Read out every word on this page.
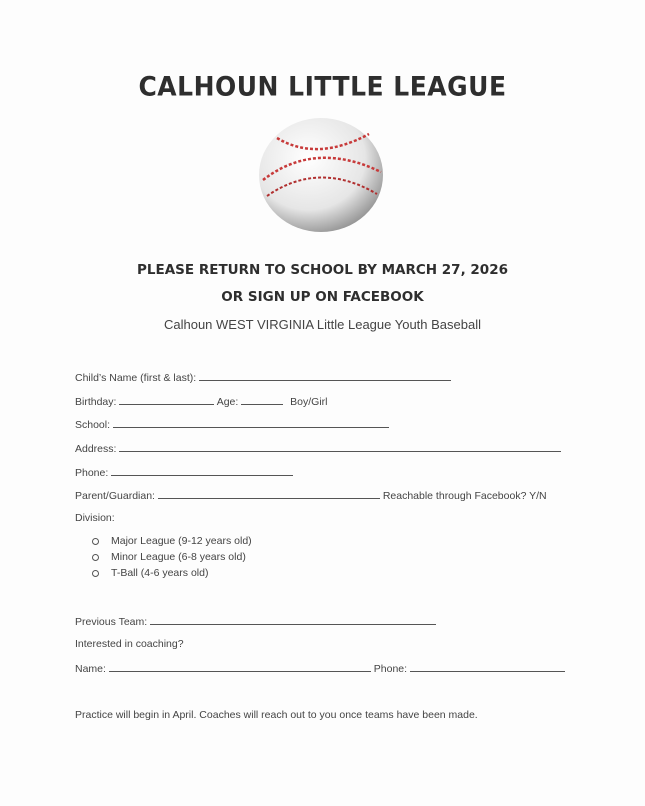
CALHOUN LITTLE LEAGUE
PLEASE RETURN TO SCHOOL BY MARCH 27, 2026
OR SIGN UP ON FACEBOOK
Calhoun WEST VIRGINIA Little League Youth Baseball
Child’s Name (first & last):
Birthday:	Age:	Boy/Girl
School:
Address:
Phone:
Parent/Guardian:	Reachable through Facebook? Y/N
Division:
Major League (9-12 years old)
Minor League (6-8 years old)
T-Ball (4-6 years old)
Previous Team:
Interested in coaching?
Name:	Phone:
Practice will begin in April. Coaches will reach out to you once teams have been made.
